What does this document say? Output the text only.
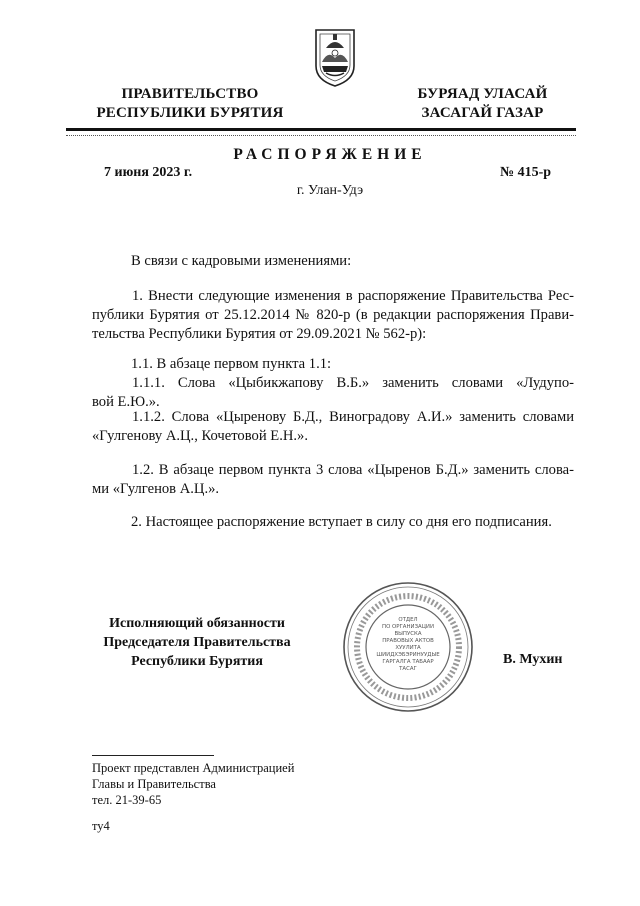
ПРАВИТЕЛЬСТВО
РЕСПУБЛИКИ БУРЯТИЯ
БУРЯАД УЛАСАЙ
ЗАСАГАЙ ГАЗАР
РАСПОРЯЖЕНИЕ
7 июня 2023 г.	№ 415-р
г. Улан-Удэ
В связи с кадровыми изменениями:
1. Внести следующие изменения в распоряжение Правительства Рес-
публики Бурятия от 25.12.2014 № 820-р (в редакции распоряжения Прави-
тельства Республики Бурятия от 29.09.2021 № 562-р):
1.1. В абзаце первом пункта 1.1:
1.1.1. Слова «Цыбикжапову В.Б.» заменить словами «Лудупо-
вой Е.Ю.».
1.1.2. Слова «Цыренову Б.Д., Виноградову А.И.» заменить словами
«Гулгенову А.Ц., Кочетовой Е.Н.».
1.2. В абзаце первом пункта 3 слова «Цыренов Б.Д.» заменить слова-
ми «Гулгенов А.Ц.».
2. Настоящее распоряжение вступает в силу со дня его подписания.
Исполняющий обязанности
Председателя Правительства
Республики Бурятия
ОТДЕЛ
ПО ОРГАНИЗАЦИИ
ВЫПУСКА
ПРАВОВЫХ АКТОВ
ХУУЛИТА
ШИИДХЭБЭРИНУУДЫЕ
ГАРГАЛГА ТАБААР
ТАСАГ
В. Мухин
Проект представлен Администрацией
Главы и Правительства
тел. 21-39-65
ту4
